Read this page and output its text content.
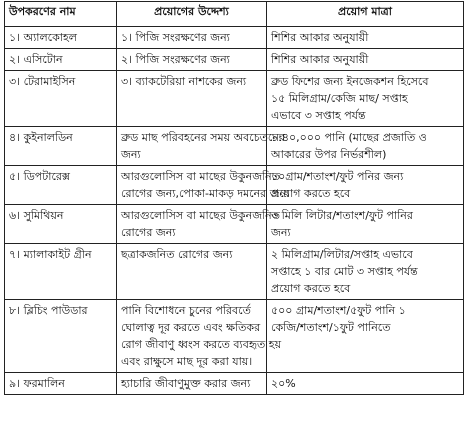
উপকরণের নাম	প্রয়োগের উদ্দেশ্য	প্রয়োগ মাত্রা

১। অ্যালকোহল	১। পিজি সংরক্ষণের জন্য	শিশির আকার অনুযায়ী

২। এসিটোন	২। পিজি সংরক্ষণের জন্য	শিশির আকার অনুযায়ী

৩। টেরামাইসিন	৩। ব্যাকটেরিয়া নাশকের জন্য	ব্রুড ফিশের জন্য ইনজেকশন হিসেবে
১৫ মিলিগ্রাম/কেজি মাছ/ সপ্তাহ
এভাবে ৩ সপ্তাহ পর্যন্ত

৪। কুইনালডিন	ব্রুড মাছ পরিবহনের সময় অবচেতনের
জন্য	১:৪০,০০০ পানি (মাছের প্রজাতি ও
আকারের উপর নির্ভরশীল)

৫। ডিপটারেক্স	আরগুলোসিস বা মাছের উকুনজনিত
রোগের জন্য,পোকা-মাকড় দমনের জন্য	১০গ্রাম/শতাংশ/ফুট পনির জন্য
প্রয়োগ করতে হবে

৬। সুমিথিয়ন	আরগুলোসিস বা মাছের উকুনজনিত
রোগের জন্য	৩ মিলি লিটার/শতাংশ/ফুট পানির
জন্য

৭। ম্যালাকাইট গ্রীন	ছত্রাকজনিত রোগের জন্য	২ মিলিগ্রাম/লিটার/সপ্তাহ এভাবে
সপ্তাহে ১ বার মোট ৩ সপ্তাহ পর্যন্ত
প্রয়োগ করতে হবে

৮। ব্লিচিং পাউডার	পানি বিশোধনে চুনের পরিবর্তে
ঘোলাত্ব দূর করতে এবং ক্ষতিকর
রোগ জীবাণু ধ্বংস করতে ব্যবহৃত হয়
এবং রাক্ষুসে মাছ দূর করা যায়।	৫০০ গ্রাম/শতাংশ/৫ফুট পানি ১
কেজি/শতাংশ/১ফুট পানিতে

৯। ফরমালিন	হ্যাচারি জীবাণুমুক্ত করার জন্য	২০%
